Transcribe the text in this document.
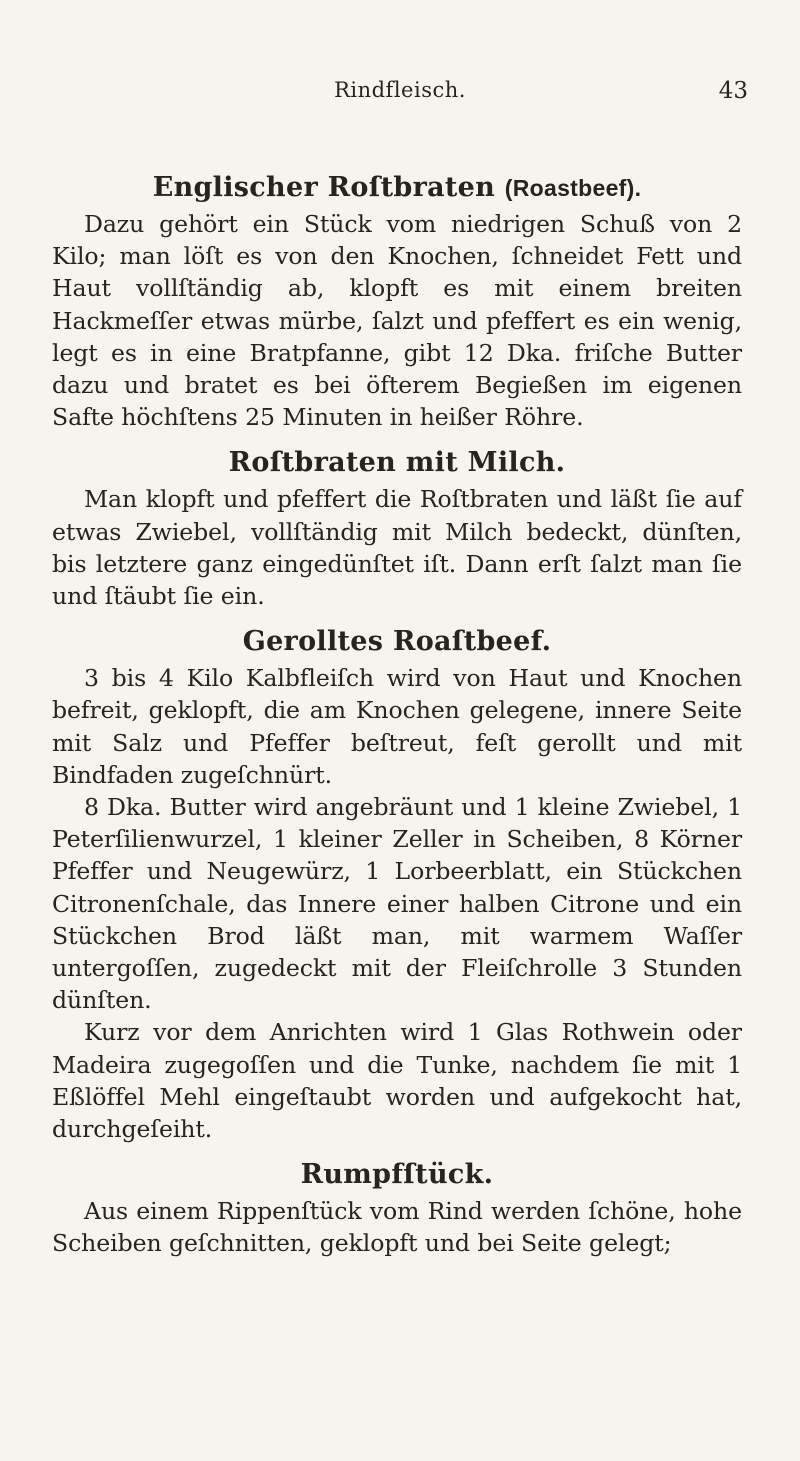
Rindfleisch.	43
Englischer Roſtbraten (Roastbeef).

Dazu gehört ein Stück vom niedrigen Schuß von 2 Kilo; man löſt es von den Knochen, ſchneidet Fett und Haut vollſtändig ab, klopft es mit einem breiten Hackmeſſer etwas mürbe, ſalzt und pfeffert es ein wenig, legt es in eine Bratpfanne, gibt 12 Dka. friſche Butter dazu und bratet es bei öfterem Begießen im eigenen Safte höchſtens 25 Minuten in heißer Röhre.

Roſtbraten mit Milch.

Man klopft und pfeffert die Roſtbraten und läßt ſie auf etwas Zwiebel, vollſtändig mit Milch bedeckt, dünſten, bis letztere ganz eingedünſtet iſt. Dann erſt ſalzt man ſie und ſtäubt ſie ein.

Gerolltes Roaſtbeef.

3 bis 4 Kilo Kalbfleiſch wird von Haut und Knochen befreit, geklopft, die am Knochen gelegene, innere Seite mit Salz und Pfeffer beſtreut, feſt gerollt und mit Bindfaden zugeſchnürt.

8 Dka. Butter wird angebräunt und 1 kleine Zwiebel, 1 Peterſilienwurzel, 1 kleiner Zeller in Scheiben, 8 Körner Pfeffer und Neugewürz, 1 Lorbeerblatt, ein Stückchen Citronenſchale, das Innere einer halben Citrone und ein Stückchen Brod läßt man, mit warmem Waſſer untergoſſen, zugedeckt mit der Fleiſchrolle 3 Stunden dünſten.

Kurz vor dem Anrichten wird 1 Glas Rothwein oder Madeira zugegoſſen und die Tunke, nachdem ſie mit 1 Eßlöffel Mehl eingeſtaubt worden und aufgekocht hat, durchgeſeiht.

Rumpfſtück.

Aus einem Rippenſtück vom Rind werden ſchöne, hohe Scheiben geſchnitten, geklopft und bei Seite gelegt;
